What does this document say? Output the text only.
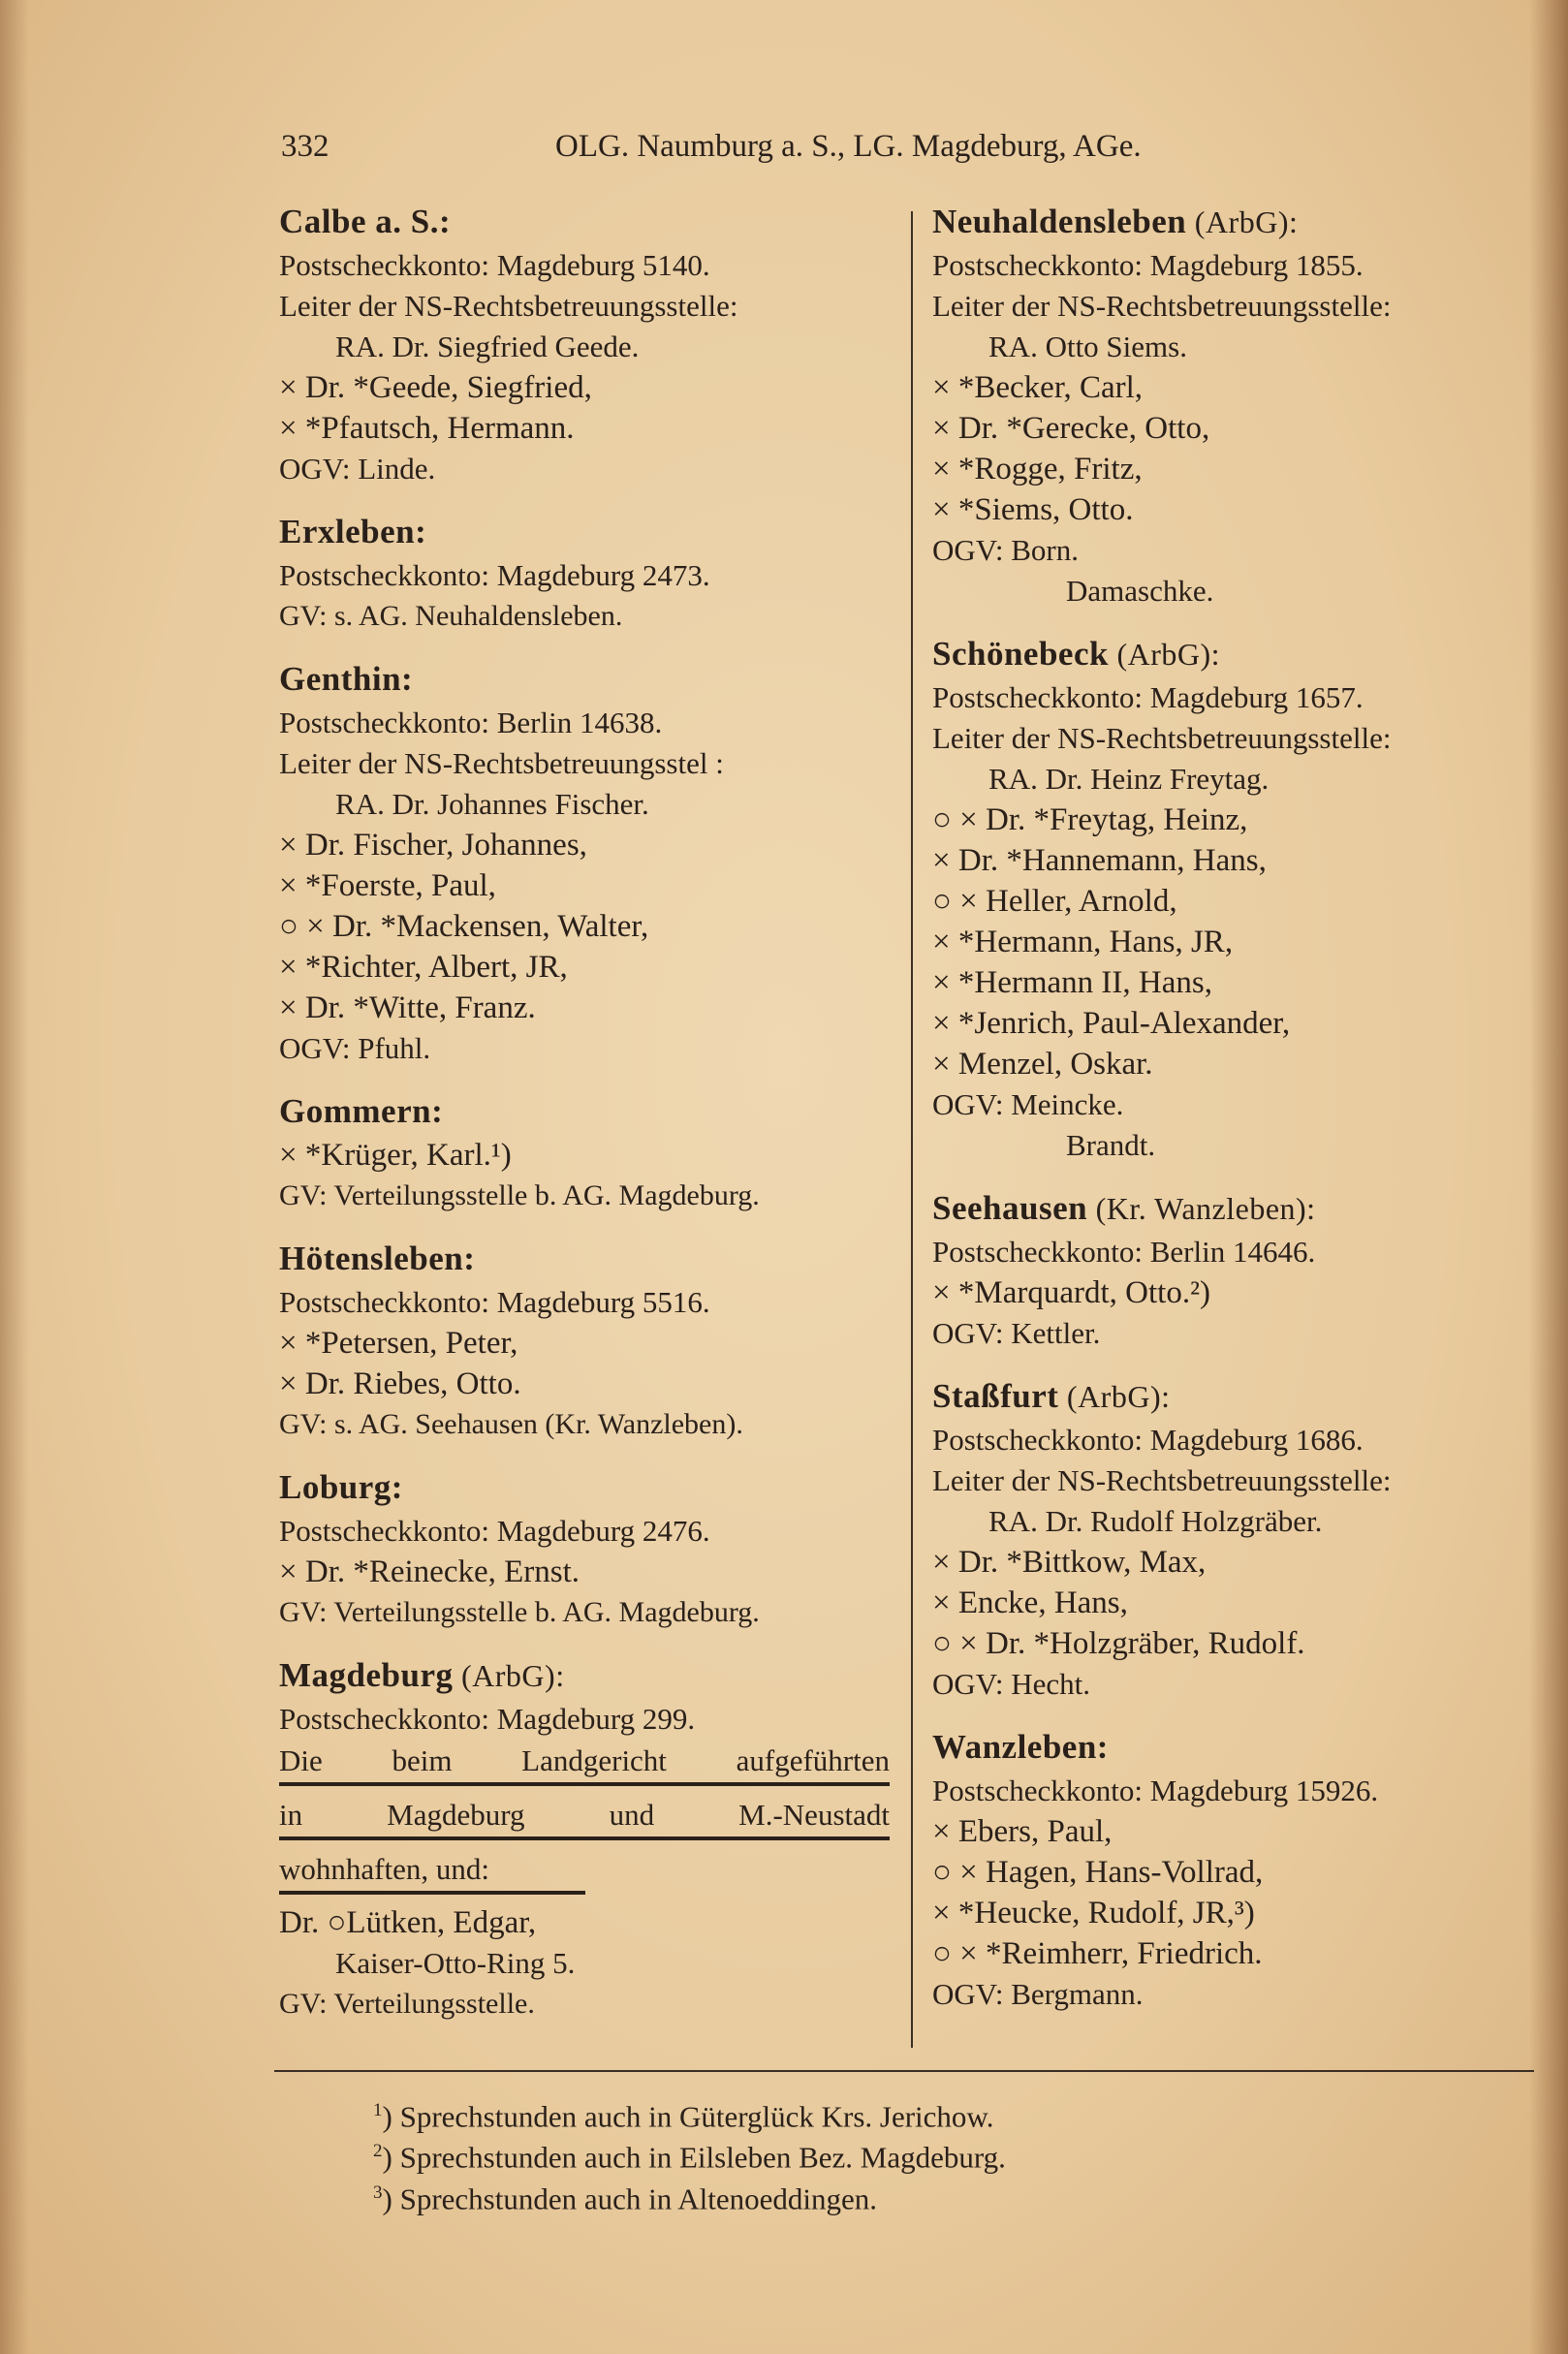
332	OLG. Naumburg a. S., LG. Magdeburg, AGe.
Calbe a. S.:
Postscheckkonto: Magdeburg 5140.
Leiter der NS-Rechtsbetreuungsstelle:
RA. Dr. Siegfried Geede.
× Dr. *Geede, Siegfried,
× *Pfautsch, Hermann.
OGV: Linde.
Erxleben:
Postscheckkonto: Magdeburg 2473.
GV: s. AG. Neuhaldensleben.
Genthin:
Postscheckkonto: Berlin 14638.
Leiter der NS-Rechtsbetreuungsstel :
RA. Dr. Johannes Fischer.
× Dr. Fischer, Johannes,
× *Foerste, Paul,
○ × Dr. *Mackensen, Walter,
× *Richter, Albert, JR,
× Dr. *Witte, Franz.
OGV: Pfuhl.
Gommern:
× *Krüger, Karl.¹)
GV: Verteilungsstelle b. AG. Magdeburg.
Hötensleben:
Postscheckkonto: Magdeburg 5516.
× *Petersen, Peter,
× Dr. Riebes, Otto.
GV: s. AG. Seehausen (Kr. Wanzleben).
Loburg:
Postscheckkonto: Magdeburg 2476.
× Dr. *Reinecke, Ernst.
GV: Verteilungsstelle b. AG. Magdeburg.
Magdeburg (ArbG):
Postscheckkonto: Magdeburg 299.
Die beim Landgericht aufgeführten
in Magdeburg und M.-Neustadt
wohnhaften, und:
Dr. ○Lütken, Edgar,
Kaiser-Otto-Ring 5.
GV: Verteilungsstelle.
Neuhaldensleben (ArbG):
Postscheckkonto: Magdeburg 1855.
Leiter der NS-Rechtsbetreuungsstelle:
RA. Otto Siems.
× *Becker, Carl,
× Dr. *Gerecke, Otto,
× *Rogge, Fritz,
× *Siems, Otto.
OGV: Born.
Damaschke.
Schönebeck (ArbG):
Postscheckkonto: Magdeburg 1657.
Leiter der NS-Rechtsbetreuungsstelle:
RA. Dr. Heinz Freytag.
○ × Dr. *Freytag, Heinz,
× Dr. *Hannemann, Hans,
○ × Heller, Arnold,
× *Hermann, Hans, JR,
× *Hermann II, Hans,
× *Jenrich, Paul-Alexander,
× Menzel, Oskar.
OGV: Meincke.
Brandt.
Seehausen (Kr. Wanzleben):
Postscheckkonto: Berlin 14646.
× *Marquardt, Otto.²)
OGV: Kettler.
Staßfurt (ArbG):
Postscheckkonto: Magdeburg 1686.
Leiter der NS-Rechtsbetreuungsstelle:
RA. Dr. Rudolf Holzgräber.
× Dr. *Bittkow, Max,
× Encke, Hans,
○ × Dr. *Holzgräber, Rudolf.
OGV: Hecht.
Wanzleben:
Postscheckkonto: Magdeburg 15926.
× Ebers, Paul,
○ × Hagen, Hans-Vollrad,
× *Heucke, Rudolf, JR,³)
○ × *Reimherr, Friedrich.
OGV: Bergmann.
$^1$) Sprechstunden auch in Güterglück Krs. Jerichow.
$^2$) Sprechstunden auch in Eilsleben Bez. Magdeburg.
$^3$) Sprechstunden auch in Altenoeddingen.
